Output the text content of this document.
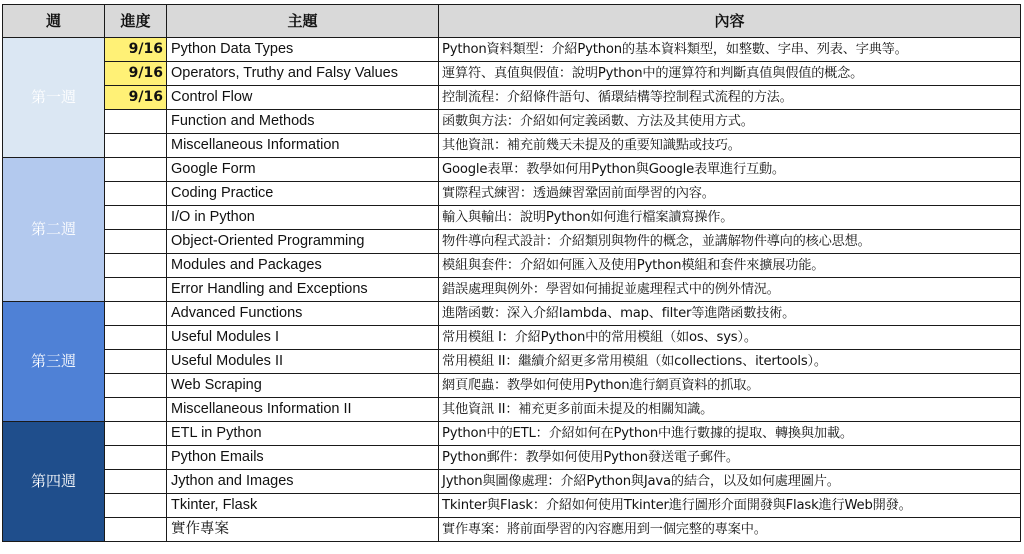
週	進度	主題	內容
第一週	9/16	Python Data Types	Python資料類型：介紹Python的基本資料類型，如整數、字串、列表、字典等。
	9/16	Operators, Truthy and Falsy Values	運算符、真值與假值：說明Python中的運算符和判斷真值與假值的概念。
	9/16	Control Flow	控制流程：介紹條件語句、循環結構等控制程式流程的方法。
		Function and Methods	函數與方法：介紹如何定義函數、方法及其使用方式。
		Miscellaneous Information	其他資訊：補充前幾天未提及的重要知識點或技巧。
第二週		Google Form	Google表單：教學如何用Python與Google表單進行互動。
		Coding Practice	實際程式練習：透過練習鞏固前面學習的內容。
		I/O in Python	輸入與輸出：說明Python如何進行檔案讀寫操作。
		Object-Oriented Programming	物件導向程式設計：介紹類別與物件的概念，並講解物件導向的核心思想。
		Modules and Packages	模組與套件：介紹如何匯入及使用Python模組和套件來擴展功能。
		Error Handling and Exceptions	錯誤處理與例外：學習如何捕捉並處理程式中的例外情況。
第三週		Advanced Functions	進階函數：深入介紹lambda、map、filter等進階函數技術。
		Useful Modules I	常用模組 I：介紹Python中的常用模組（如os、sys）。
		Useful Modules II	常用模組 II：繼續介紹更多常用模組（如collections、itertools）。
		Web Scraping	網頁爬蟲：教學如何使用Python進行網頁資料的抓取。
		Miscellaneous Information II	其他資訊 II：補充更多前面未提及的相關知識。
第四週		ETL in Python	Python中的ETL：介紹如何在Python中進行數據的提取、轉換與加載。
		Python Emails	Python郵件：教學如何使用Python發送電子郵件。
		Jython and Images	Jython與圖像處理：介紹Python與Java的結合，以及如何處理圖片。
		Tkinter, Flask	Tkinter與Flask：介紹如何使用Tkinter進行圖形介面開發與Flask進行Web開發。
		實作專案	實作專案：將前面學習的內容應用到一個完整的專案中。
